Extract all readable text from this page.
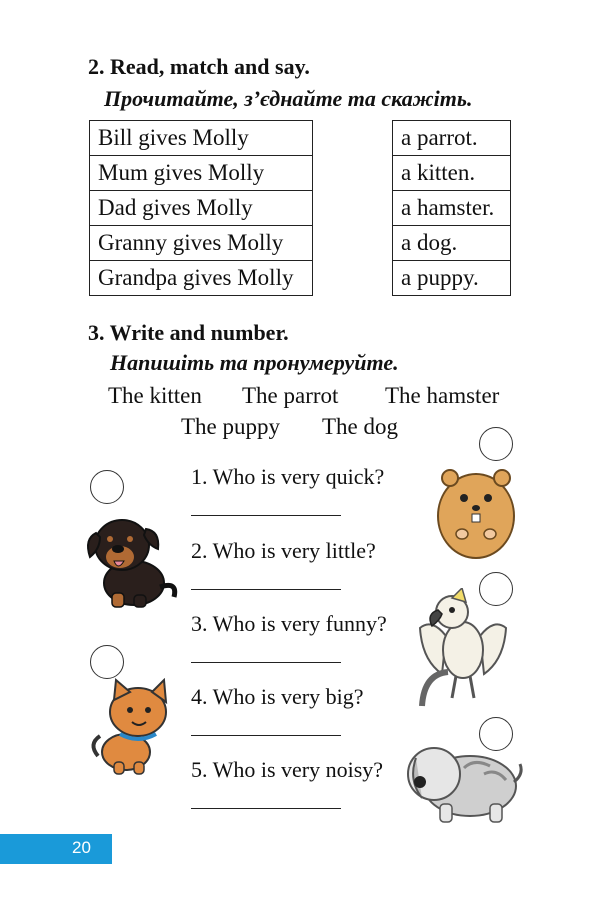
2. Read, match and say.
Прочитайте, з’єднайте та скажіть.
Bill gives Molly
Mum gives Molly
Dad gives Molly
Granny gives Molly
Grandpa gives Molly
a parrot.
a kitten.
a hamster.
a dog.
a puppy.
3. Write and number.
Напишіть та пронумеруйте.
The kitten The parrot The hamster
The puppy The dog
1. Who is very quick?
2. Who is very little?
3. Who is very funny?
4. Who is very big?
5. Who is very noisy?
20
